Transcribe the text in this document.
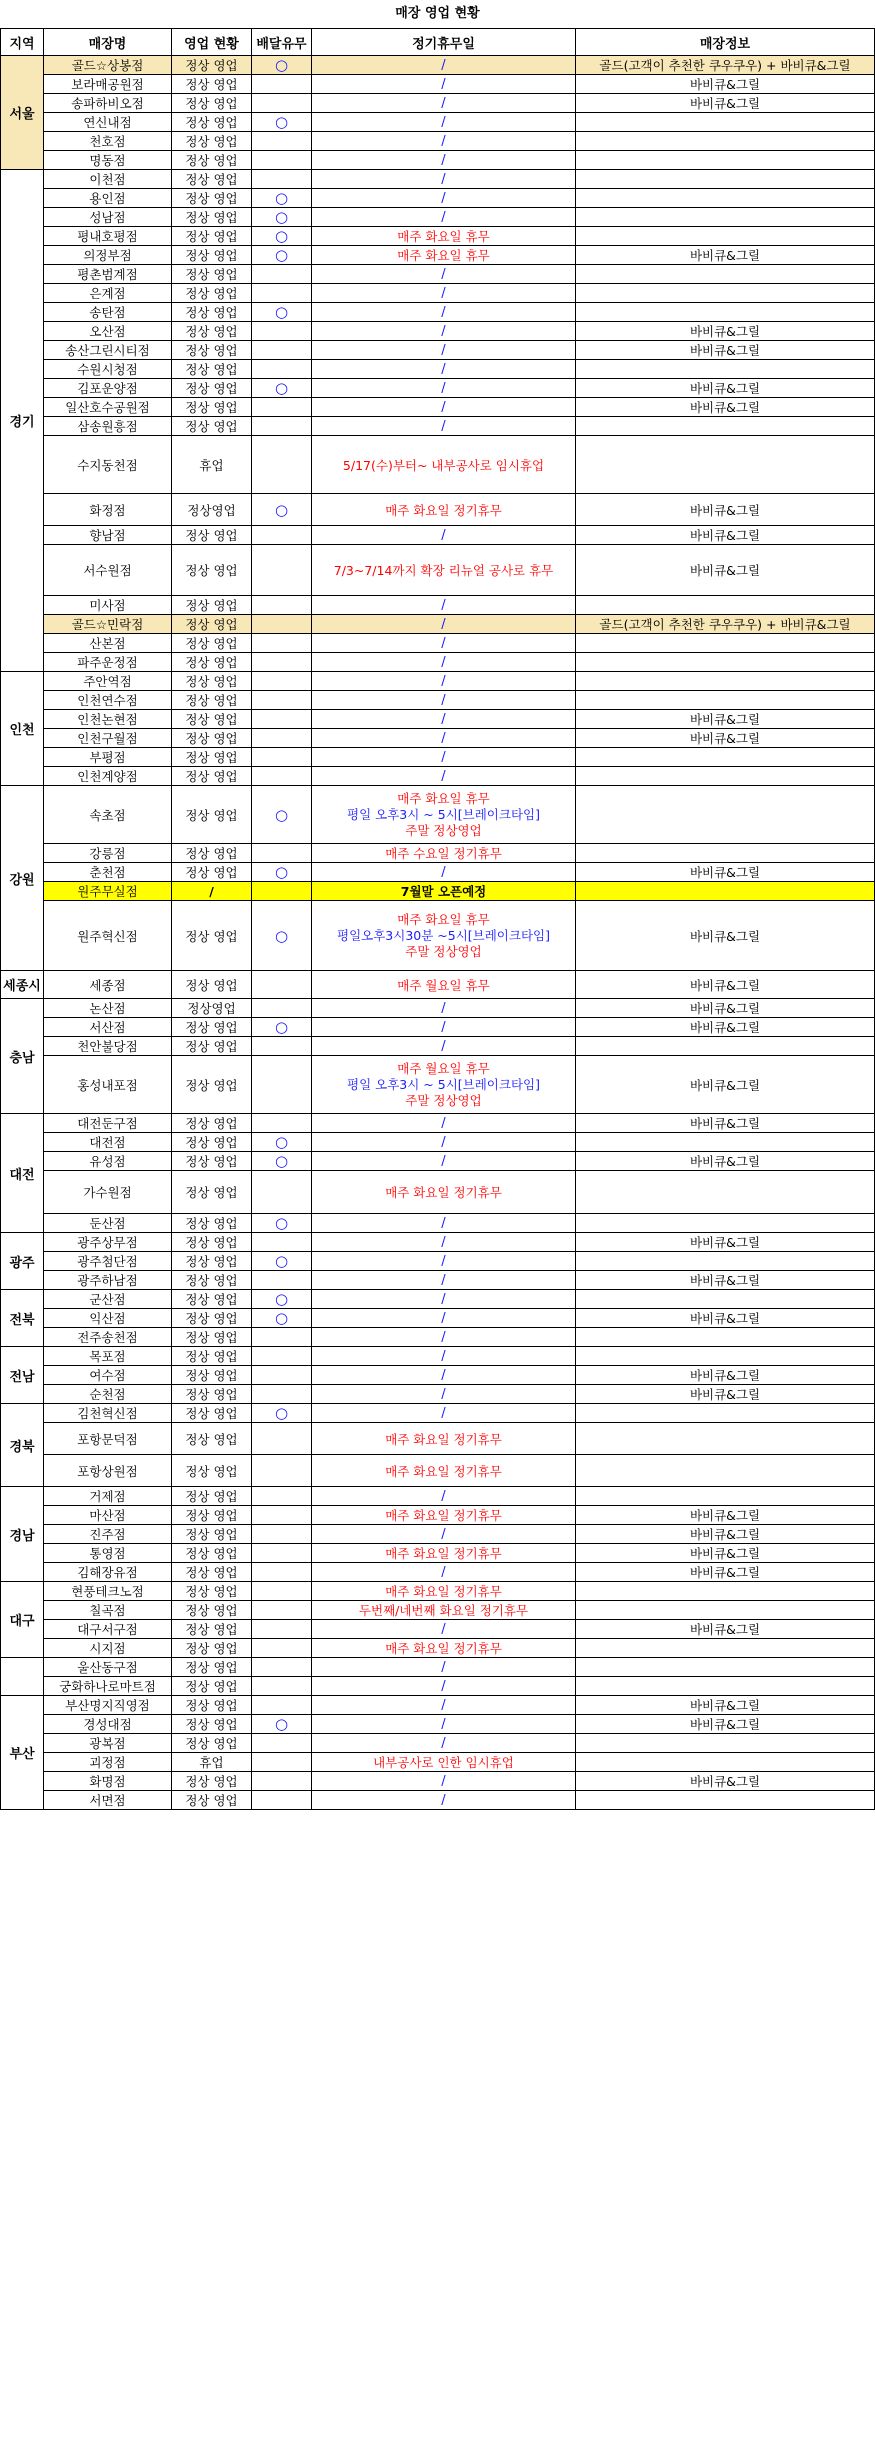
매장 영업 현황
지역	매장명	영업 현황	배달유무	정기휴무일	매장정보
서울	골드☆상봉점	정상 영업	○	/	골드(고객이 추천한 쿠우쿠우) + 바비큐&그릴
	보라매공원점	정상 영업		/	바비큐&그릴
	송파하비오점	정상 영업		/	바비큐&그릴
	연신내점	정상 영업	○	/	
	천호점	정상 영업		/	
	명동점	정상 영업		/	
경기	이천점	정상 영업		/	
	용인점	정상 영업	○	/	
	성남점	정상 영업	○	/	
	평내호평점	정상 영업	○	매주 화요일 휴무	
	의정부점	정상 영업	○	매주 화요일 휴무	바비큐&그릴
	평촌범계점	정상 영업		/	
	은계점	정상 영업		/	
	송탄점	정상 영업	○	/	
	오산점	정상 영업		/	바비큐&그릴
	송산그린시티점	정상 영업		/	바비큐&그릴
	수원시청점	정상 영업		/	
	김포운양점	정상 영업	○	/	바비큐&그릴
	일산호수공원점	정상 영업		/	바비큐&그릴
	삼송원흥점	정상 영업		/	
	수지동천점	휴업		5/17(수)부터~ 내부공사로 임시휴업	
	화정점	정상영업	○	매주 화요일 정기휴무	바비큐&그릴
	향남점	정상 영업		/	바비큐&그릴
	서수원점	정상 영업		7/3~7/14까지 확장 리뉴얼 공사로 휴무	바비큐&그릴
	미사점	정상 영업		/	
	골드☆민락점	정상 영업		/	골드(고객이 추천한 쿠우쿠우) + 바비큐&그릴
	산본점	정상 영업		/	
	파주운정점	정상 영업		/	
인천	주안역점	정상 영업		/	
	인천연수점	정상 영업		/	
	인천논현점	정상 영업		/	바비큐&그릴
	인천구월점	정상 영업		/	바비큐&그릴
	부평점	정상 영업		/	
	인천계양점	정상 영업		/	
강원	속초점	정상 영업	○	매주 화요일 휴무
평일 오후3시 ~ 5시[브레이크타임]
주말 정상영업	

	강릉점	정상 영업		매주 수요일 정기휴무	
	춘천점	정상 영업	○	/	바비큐&그릴
	원주무실점	/		7월말 오픈예정	
	원주혁신점	정상 영업	○	매주 화요일 휴무
평일오후3시30분 ~5시[브레이크타임]
주말 정상영업	바비큐&그릴
세종시	세종점	정상 영업		매주 월요일 휴무	바비큐&그릴
충남	논산점	정상영업		/	바비큐&그릴
	서산점	정상 영업	○	/	바비큐&그릴
	천안불당점	정상 영업		/	
	홍성내포점	정상 영업		매주 월요일 휴무
평일 오후3시 ~ 5시[브레이크타임]
주말 정상영업	바비큐&그릴
대전	대전둔구점	정상 영업		/	바비큐&그릴
	대전점	정상 영업	○	/	
	유성점	정상 영업	○	/	바비큐&그릴
	가수원점	정상 영업		매주 화요일 정기휴무	
	둔산점	정상 영업	○	/	
광주	광주상무점	정상 영업		/	바비큐&그릴
	광주첨단점	정상 영업	○	/	
	광주하남점	정상 영업		/	바비큐&그릴
전북	군산점	정상 영업	○	/	
	익산점	정상 영업	○	/	바비큐&그릴
	전주송천점	정상 영업		/	
전남	목포점	정상 영업		/	
	여수점	정상 영업		/	바비큐&그릴
	순천점	정상 영업		/	바비큐&그릴
경북	김천혁신점	정상 영업	○	/	
	포항문덕점	정상 영업		매주 화요일 정기휴무	
	포항상원점	정상 영업		매주 화요일 정기휴무	
경남	거제점	정상 영업		/	
	마산점	정상 영업		매주 화요일 정기휴무	바비큐&그릴
	진주점	정상 영업		/	바비큐&그릴
	통영점	정상 영업		매주 화요일 정기휴무	바비큐&그릴
	김해장유점	정상 영업		/	바비큐&그릴
대구	현풍테크노점	정상 영업		매주 화요일 정기휴무	
	칠곡점	정상 영업		두번째/네번째 화요일 정기휴무	
	대구서구점	정상 영업		/	바비큐&그릴
	시지점	정상 영업		매주 화요일 정기휴무	
	울산동구점	정상 영업		/	
	궁화하나로마트점	정상 영업		/	
부산	부산명지직영점	정상 영업		/	바비큐&그릴
	경성대점	정상 영업	○	/	바비큐&그릴
	광복점	정상 영업		/	
	괴정점	휴업		내부공사로 인한 임시휴업	
	화명점	정상 영업		/	바비큐&그릴
	서면점	정상 영업		/	
